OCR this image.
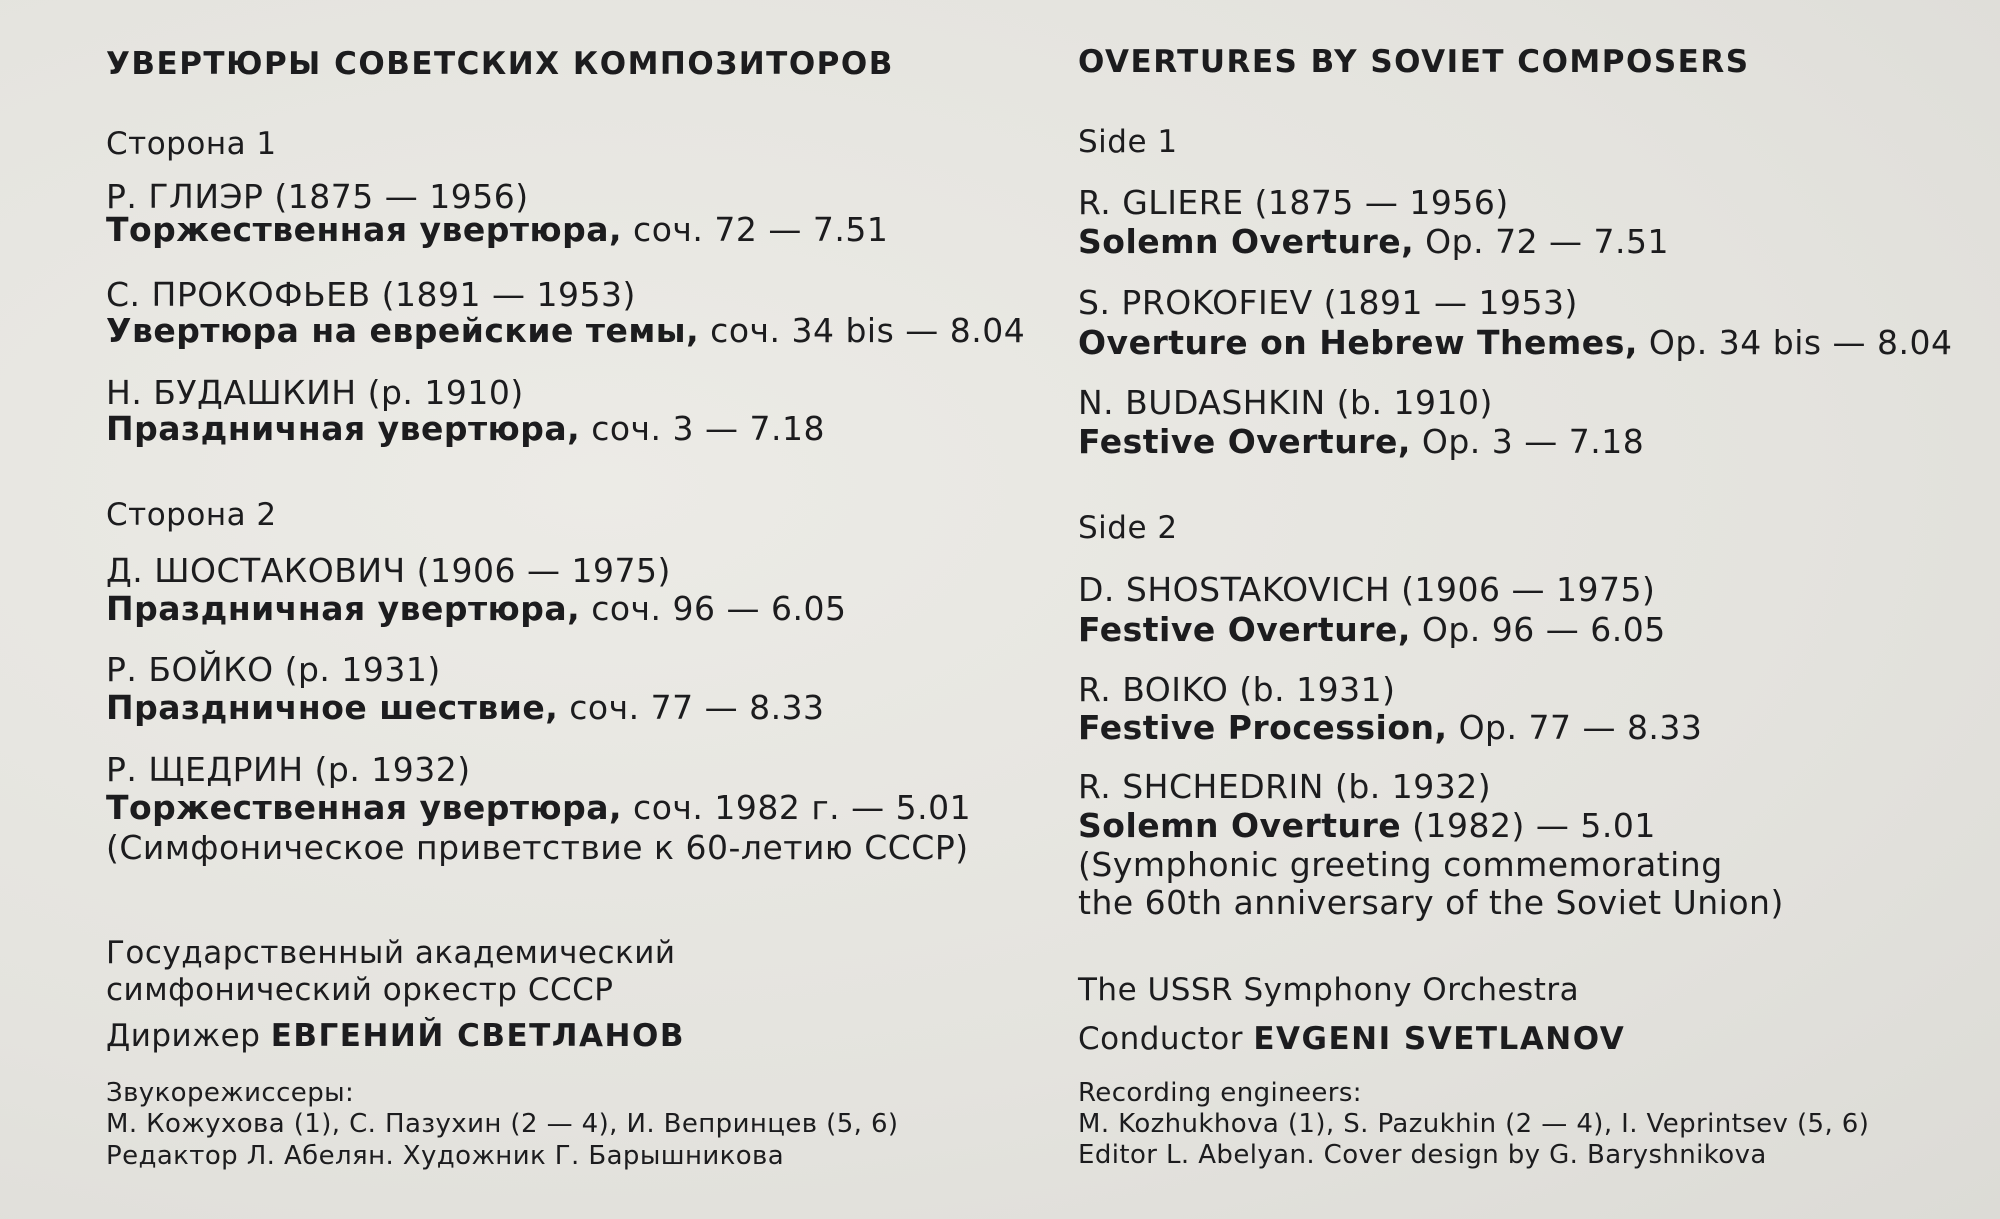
УВЕРТЮРЫ СОВЕТСКИХ КОМПОЗИТОРОВ
Сторона 1
Р. ГЛИЭР (1875 — 1956)
Торжественная увертюра, соч. 72 — 7.51
С. ПРОКОФЬЕВ (1891 — 1953)
Увертюра на еврейские темы, соч. 34 bis — 8.04
Н. БУДАШКИН (р. 1910)
Праздничная увертюра, соч. 3 — 7.18
Сторона 2
Д. ШОСТАКОВИЧ (1906 — 1975)
Праздничная увертюра, соч. 96 — 6.05
Р. БОЙКО (р. 1931)
Праздничное шествие, соч. 77 — 8.33
Р. ЩЕДРИН (р. 1932)
Торжественная увертюра, соч. 1982 г. — 5.01
(Симфоническое приветствие к 60-летию СССР)
Государственный академический
симфонический оркестр СССР
Дирижер ЕВГЕНИЙ СВЕТЛАНОВ
Звукорежиссеры:
М. Кожухова (1), С. Пазухин (2 — 4), И. Вепринцев (5, 6)
Редактор Л. Абелян. Художник Г. Барышникова
OVERTURES BY SOVIET COMPOSERS
Side 1
R. GLIERE (1875 — 1956)
Solemn Overture, Op. 72 — 7.51
S. PROKOFIEV (1891 — 1953)
Overture on Hebrew Themes, Op. 34 bis — 8.04
N. BUDASHKIN (b. 1910)
Festive Overture, Op. 3 — 7.18
Side 2
D. SHOSTAKOVICH (1906 — 1975)
Festive Overture, Op. 96 — 6.05
R. BOIKO (b. 1931)
Festive Procession, Op. 77 — 8.33
R. SHCHEDRIN (b. 1932)
Solemn Overture (1982) — 5.01
(Symphonic greeting commemorating
the 60th anniversary of the Soviet Union)
The USSR Symphony Orchestra
Conductor EVGENI SVETLANOV
Recording engineers:
M. Kozhukhova (1), S. Pazukhin (2 — 4), I. Veprintsev (5, 6)
Editor L. Abelyan. Cover design by G. Baryshnikova
